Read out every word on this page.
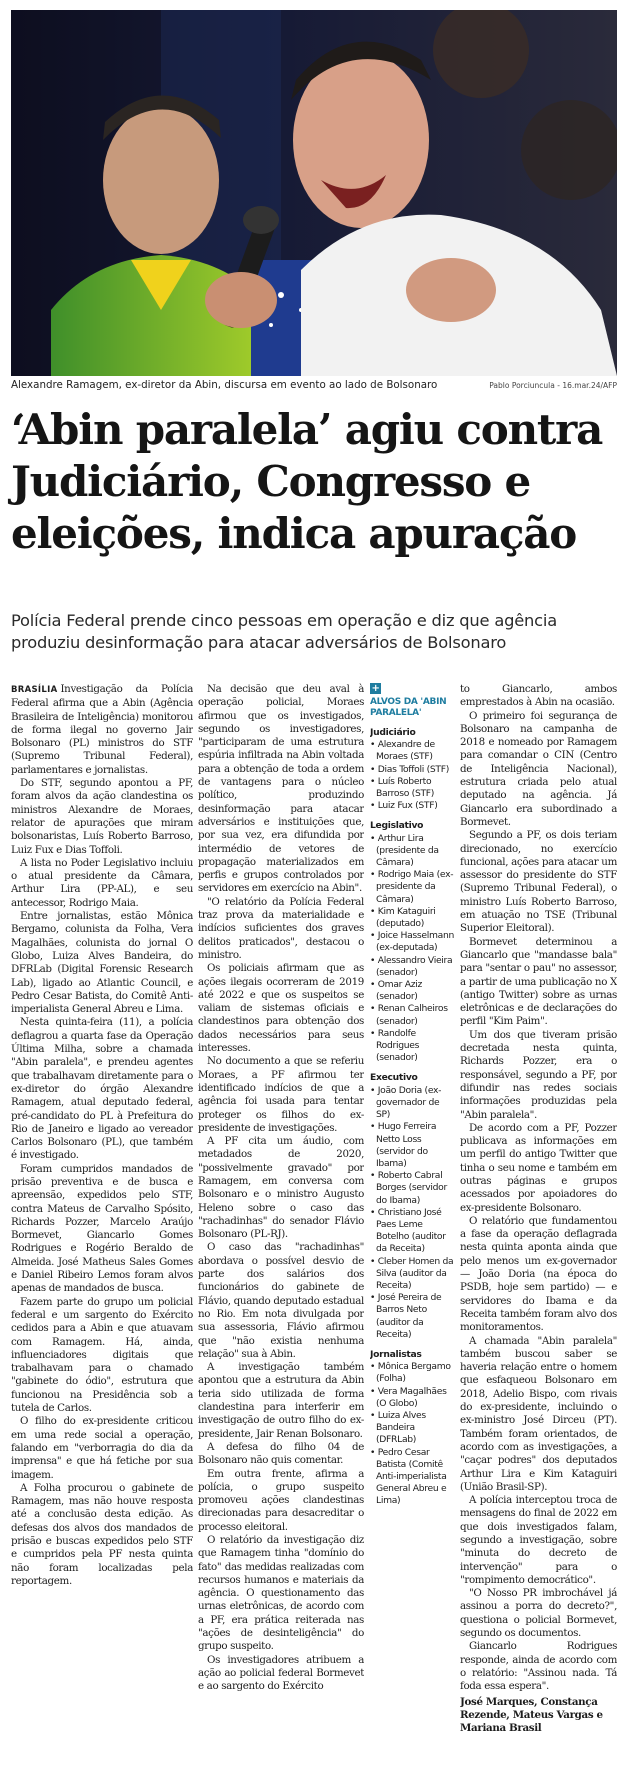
Alexandre Ramagem, ex-diretor da Abin, discursa em evento ao lado de Bolsonaro	Pablo Porciuncula - 16.mar.24/AFP
‘Abin paralela’ agiu contra Judiciário, Congresso e eleições, indica apuração

Polícia Federal prende cinco pessoas em operação e diz que agência produziu desinformação para atacar adversários de Bolsonaro

BRASÍLIA Investigação da Polícia Federal afirma que a Abin (Agência Brasileira de Inteligência) monitorou de forma ilegal no governo Jair Bolsonaro (PL) ministros do STF (Supremo Tribunal Federal), parlamentares e jornalistas.

Do STF, segundo apontou a PF, foram alvos da ação clandestina os ministros Alexandre de Moraes, relator de apurações que miram bolsonaristas, Luís Roberto Barroso, Luiz Fux e Dias Toffoli.

A lista no Poder Legislativo incluiu o atual presidente da Câmara, Arthur Lira (PP-AL), e seu antecessor, Rodrigo Maia.

Entre jornalistas, estão Mônica Bergamo, colunista da Folha, Vera Magalhães, colunista do jornal O Globo, Luiza Alves Bandeira, do DFRLab (Digital Forensic Research Lab), ligado ao Atlantic Council, e Pedro Cesar Batista, do Comitê Anti-imperialista General Abreu e Lima.

Nesta quinta-feira (11), a polícia deflagrou a quarta fase da Operação Última Milha, sobre a chamada "Abin paralela", e prendeu agentes que trabalhavam diretamente para o ex-diretor do órgão Alexandre Ramagem, atual deputado federal, pré-candidato do PL à Prefeitura do Rio de Janeiro e ligado ao vereador Carlos Bolsonaro (PL), que também é investigado.

Foram cumpridos mandados de prisão preventiva e de busca e apreensão, expedidos pelo STF, contra Mateus de Carvalho Spósito, Richards Pozzer, Marcelo Araújo Bormevet, Giancarlo Gomes Rodrigues e Rogério Beraldo de Almeida. José Matheus Sales Gomes e Daniel Ribeiro Lemos foram alvos apenas de mandados de busca.

Fazem parte do grupo um policial federal e um sargento do Exército cedidos para a Abin e que atuavam com Ramagem. Há, ainda, influenciadores digitais que trabalhavam para o chamado "gabinete do ódio", estrutura que funcionou na Presidência sob a tutela de Carlos.

O filho do ex-presidente criticou em uma rede social a operação, falando em "verborragia do dia da imprensa" e que há fetiche por sua imagem.

A Folha procurou o gabinete de Ramagem, mas não houve resposta até a conclusão desta edição. As defesas dos alvos dos mandados de prisão e buscas expedidos pelo STF e cumpridos pela PF nesta quinta não foram localizadas pela reportagem.

Na decisão que deu aval à operação policial, Moraes afirmou que os investigados, segundo os investigadores, "participaram de uma estrutura espúria infiltrada na Abin voltada para a obtenção de toda a ordem de vantagens para o núcleo político, produzindo desinformação para atacar adversários e instituições que, por sua vez, era difundida por intermédio de vetores de propagação materializados em perfis e grupos controlados por servidores em exercício na Abin".

"O relatório da Polícia Federal traz prova da materialidade e indícios suficientes dos graves delitos praticados", destacou o ministro.

Os policiais afirmam que as ações ilegais ocorreram de 2019 até 2022 e que os suspeitos se valiam de sistemas oficiais e clandestinos para obtenção dos dados necessários para seus interesses.

No documento a que se referiu Moraes, a PF afirmou ter identificado indícios de que a agência foi usada para tentar proteger os filhos do ex-presidente de investigações.

A PF cita um áudio, com metadados de 2020, "possivelmente gravado" por Ramagem, em conversa com Bolsonaro e o ministro Augusto Heleno sobre o caso das "rachadinhas" do senador Flávio Bolsonaro (PL-RJ).

O caso das "rachadinhas" abordava o possível desvio de parte dos salários dos funcionários do gabinete de Flávio, quando deputado estadual no Rio. Em nota divulgada por sua assessoria, Flávio afirmou que "não existia nenhuma relação" sua à Abin.

A investigação também apontou que a estrutura da Abin teria sido utilizada de forma clandestina para interferir em investigação de outro filho do ex-presidente, Jair Renan Bolsonaro.

A defesa do filho 04 de Bolsonaro não quis comentar.

Em outra frente, afirma a polícia, o grupo suspeito promoveu ações clandestinas direcionadas para desacreditar o processo eleitoral.

O relatório da investigação diz que Ramagem tinha "domínio do fato" das medidas realizadas com recursos humanos e materiais da agência. O questionamento das urnas eletrônicas, de acordo com a PF, era prática reiterada nas "ações de desinteligência" do grupo suspeito.

Os investigadores atribuem a ação ao policial federal Bormevet e ao sargento do Exército

+
ALVOS DA 'ABIN PARALELA'
Judiciário
• Alexandre de Moraes (STF)
• Dias Toffoli (STF)
• Luís Roberto Barroso (STF)
• Luiz Fux (STF)
Legislativo
• Arthur Lira (presidente da Câmara)
• Rodrigo Maia (ex-presidente da Câmara)
• Kim Kataguiri (deputado)
• Joice Hasselmann (ex-deputada)
• Alessandro Vieira (senador)
• Omar Aziz (senador)
• Renan Calheiros (senador)
• Randolfe Rodrigues (senador)
Executivo
• João Doria (ex-governador de SP)
• Hugo Ferreira Netto Loss (servidor do Ibama)
• Roberto Cabral Borges (servidor do Ibama)
• Christiano José Paes Leme Botelho (auditor da Receita)
• Cleber Homen da Silva (auditor da Receita)
• José Pereira de Barros Neto (auditor da Receita)
Jornalistas
• Mônica Bergamo (Folha)
• Vera Magalhães (O Globo)
• Luiza Alves Bandeira (DFRLab)
• Pedro Cesar Batista (Comitê Anti-imperialista General Abreu e Lima)

to Giancarlo, ambos emprestados à Abin na ocasião.

O primeiro foi segurança de Bolsonaro na campanha de 2018 e nomeado por Ramagem para comandar o CIN (Centro de Inteligência Nacional), estrutura criada pelo atual deputado na agência. Já Giancarlo era subordinado a Bormevet.

Segundo a PF, os dois teriam direcionado, no exercício funcional, ações para atacar um assessor do presidente do STF (Supremo Tribunal Federal), o ministro Luís Roberto Barroso, em atuação no TSE (Tribunal Superior Eleitoral).

Bormevet determinou a Giancarlo que "mandasse bala" para "sentar o pau" no assessor, a partir de uma publicação no X (antigo Twitter) sobre as urnas eletrônicas e de declarações do perfil "Kim Paim".

Um dos que tiveram prisão decretada nesta quinta, Richards Pozzer, era o responsável, segundo a PF, por difundir nas redes sociais informações produzidas pela "Abin paralela".

De acordo com a PF, Pozzer publicava as informações em um perfil do antigo Twitter que tinha o seu nome e também em outras páginas e grupos acessados por apoiadores do ex-presidente Bolsonaro.

O relatório que fundamentou a fase da operação deflagrada nesta quinta aponta ainda que pelo menos um ex-governador — João Doria (na época do PSDB, hoje sem partido) — e servidores do Ibama e da Receita também foram alvo dos monitoramentos.

A chamada "Abin paralela" também buscou saber se haveria relação entre o homem que esfaqueou Bolsonaro em 2018, Adelio Bispo, com rivais do ex-presidente, incluindo o ex-ministro José Dirceu (PT). Também foram orientados, de acordo com as investigações, a "caçar podres" dos deputados Arthur Lira e Kim Kataguiri (União Brasil-SP).

A polícia interceptou troca de mensagens do final de 2022 em que dois investigados falam, segundo a investigação, sobre "minuta do decreto de intervenção" para o "rompimento democrático".

"O Nosso PR imbrochável já assinou a porra do decreto?", questiona o policial Bormevet, segundo os documentos.

Giancarlo Rodrigues responde, ainda de acordo com o relatório: "Assinou nada. Tá foda essa espera".

José Marques, Constança Rezende, Mateus Vargas e Mariana Brasil
